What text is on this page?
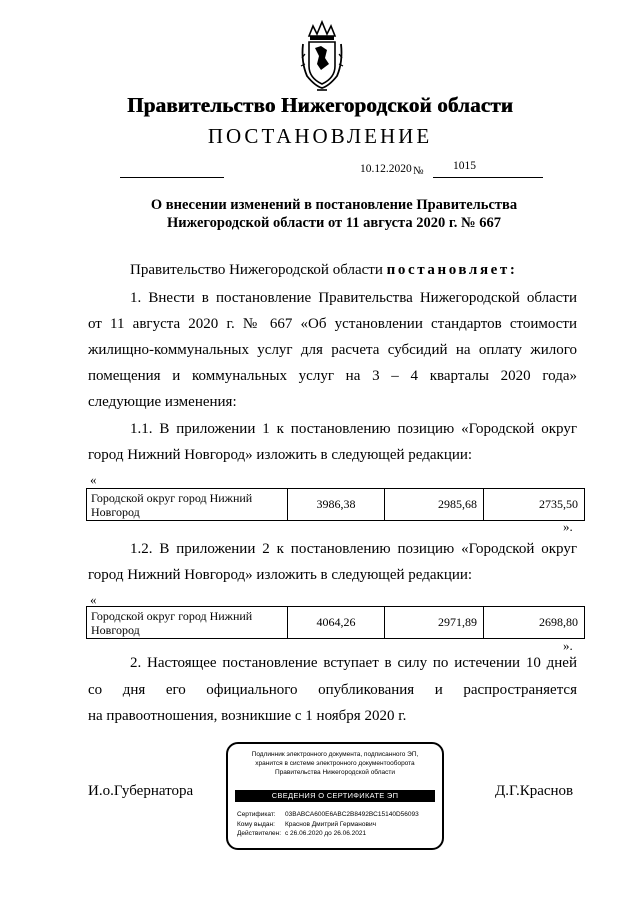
Правительство Нижегородской области
ПОСТАНОВЛЕНИЕ
10.12.2020 №	1015
О внесении изменений в постановление Правительства
Нижегородской области от 11 августа 2020 г. № 667
Правительство Нижегородской области постановляет:
1. Внести в постановление Правительства Нижегородской области
от 11 августа 2020 г. № 667 «Об установлении стандартов стоимости
жилищно-коммунальных услуг для расчета субсидий на оплату жилого
помещения и коммунальных услуг на 3 – 4 кварталы 2020 года»
следующие изменения:
1.1. В приложении 1 к постановлению позицию «Городской округ
город Нижний Новгород» изложить в следующей редакции:
«
Городской округ город Нижний Новгород	3986,38	2985,68	2735,50
».
1.2. В приложении 2 к постановлению позицию «Городской округ
город Нижний Новгород» изложить в следующей редакции:
«
Городской округ город Нижний Новгород	4064,26	2971,89	2698,80
».
2. Настоящее постановление вступает в силу по истечении 10 дней
со дня его официального опубликования и распространяется
на правоотношения, возникшие с 1 ноября 2020 г.
И.о.Губернатора	Д.Г.Краснов
Подлинник электронного документа, подписанного ЭП,
хранится в системе электронного документооборота
Правительства Нижегородской области
СВЕДЕНИЯ О СЕРТИФИКАТЕ ЭП
Сертификат: 03BABCA600E6ABC2B8492BC15140D56093
Кому выдан: Краснов Дмитрий Германович
Действителен: с 26.06.2020 до 26.06.2021
